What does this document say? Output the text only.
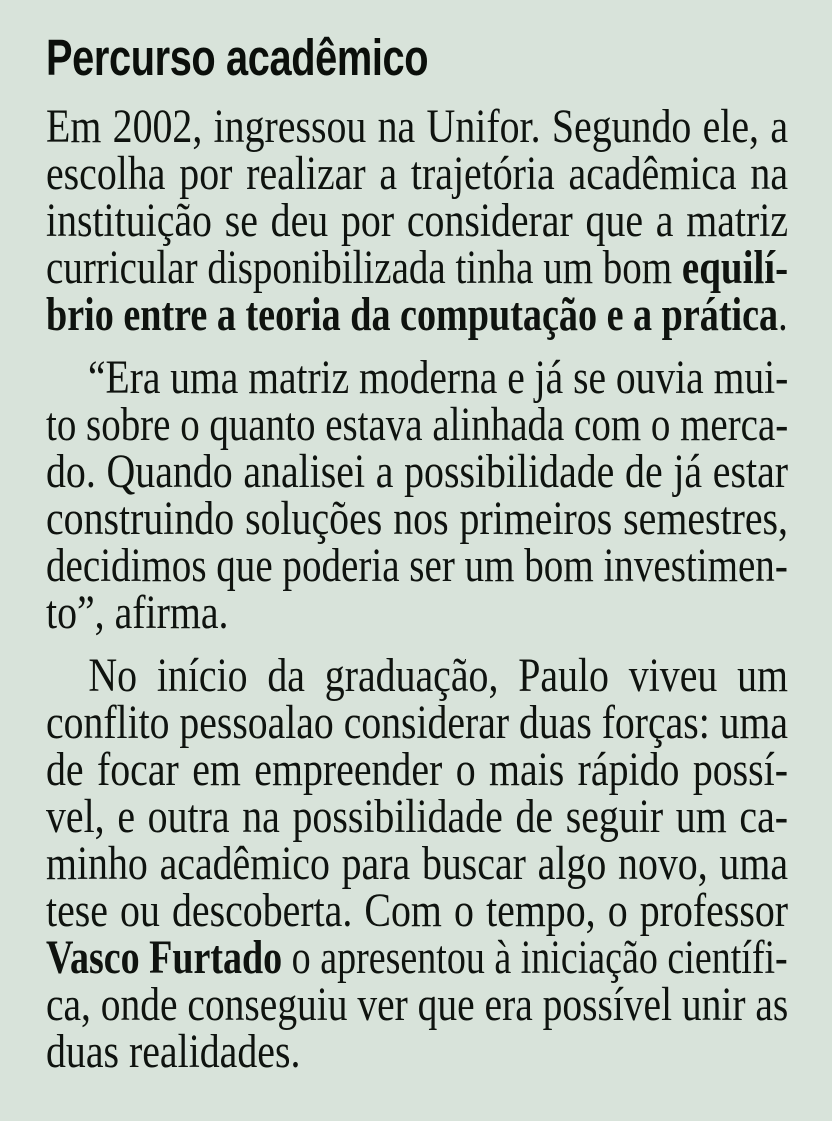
Percurso acadêmico
Em 2002, ingressou na Unifor. Segundo ele, a
escolha por realizar a trajetória acadêmica na
instituição se deu por considerar que a matriz
curricular disponibilizada tinha um bom equilí-
brio entre a teoria da computação e a prática.
“Era uma matriz moderna e já se ouvia mui-
to sobre o quanto estava alinhada com o merca-
do. Quando analisei a possibilidade de já estar
construindo soluções nos primeiros semestres,
decidimos que poderia ser um bom investimen-
to”, afirma.
No início da graduação, Paulo viveu um
conflito pessoalao considerar duas forças: uma
de focar em empreender o mais rápido possí-
vel, e outra na possibilidade de seguir um ca-
minho acadêmico para buscar algo novo, uma
tese ou descoberta. Com o tempo, o professor
Vasco Furtado o apresentou à iniciação científi-
ca, onde conseguiu ver que era possível unir as
duas realidades.
